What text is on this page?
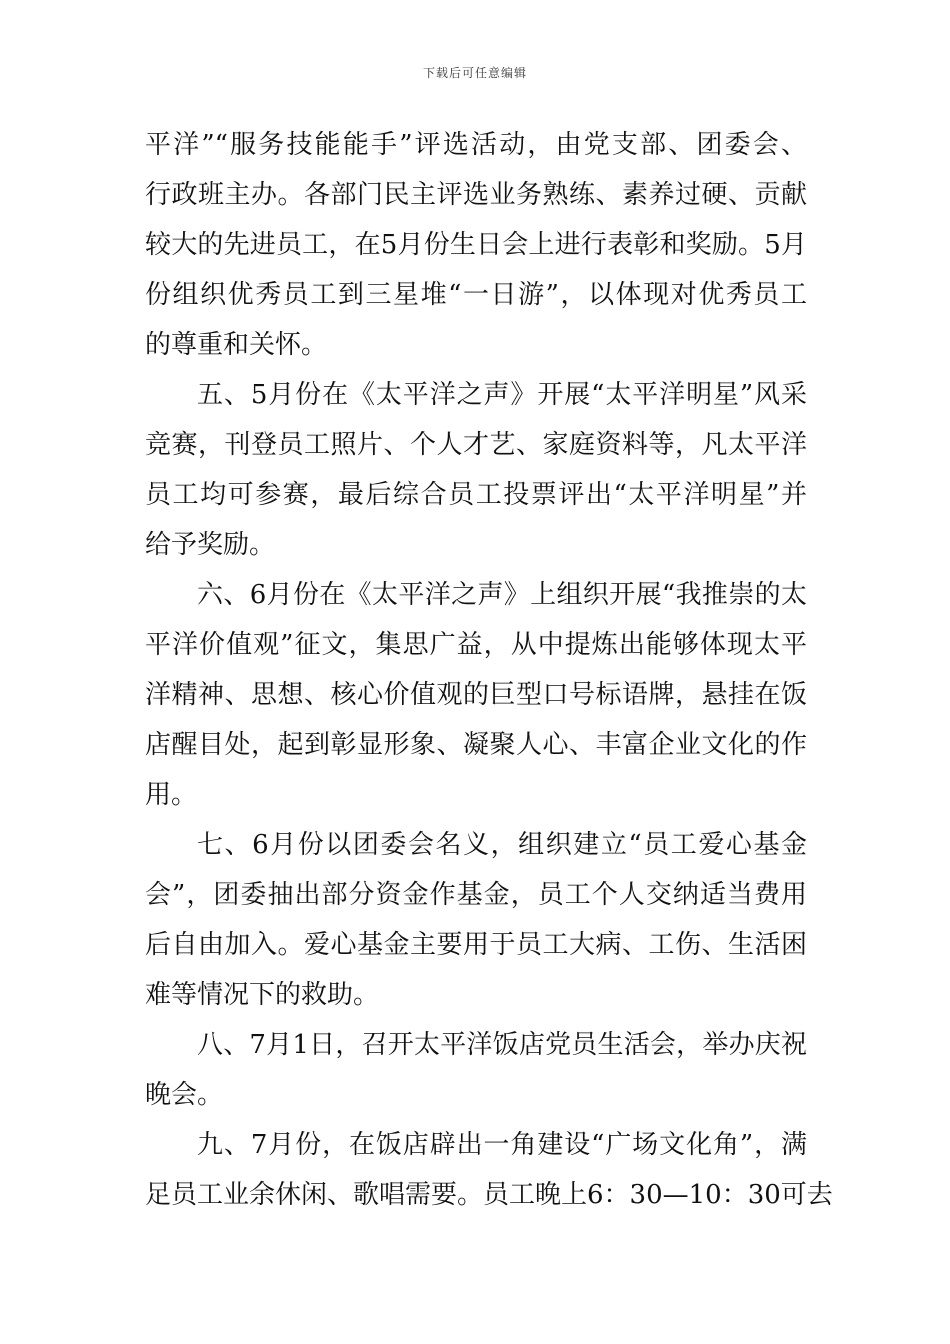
下载后可任意编辑
平洋”“服务技能能手”评选活动，由党支部、团委会、
行政班主办。各部门民主评选业务熟练、素养过硬、贡献
较大的先进员工，在5月份生日会上进行表彰和奖励。5月
份组织优秀员工到三星堆“一日游”，以体现对优秀员工
的尊重和关怀。
五、5月份在《太平洋之声》开展“太平洋明星”风采
竞赛，刊登员工照片、个人才艺、家庭资料等，凡太平洋
员工均可参赛，最后综合员工投票评出“太平洋明星”并
给予奖励。
六、6月份在《太平洋之声》上组织开展“我推崇的太
平洋价值观”征文，集思广益，从中提炼出能够体现太平
洋精神、思想、核心价值观的巨型口号标语牌，悬挂在饭
店醒目处，起到彰显形象、凝聚人心、丰富企业文化的作
用。
七、6月份以团委会名义，组织建立“员工爱心基金
会”，团委抽出部分资金作基金，员工个人交纳适当费用
后自由加入。爱心基金主要用于员工大病、工伤、生活困
难等情况下的救助。
八、7月1日，召开太平洋饭店党员生活会，举办庆祝
晚会。
九、7月份，在饭店辟出一角建设“广场文化角”，满
足员工业余休闲、歌唱需要。员工晚上6：30—10：30可去
